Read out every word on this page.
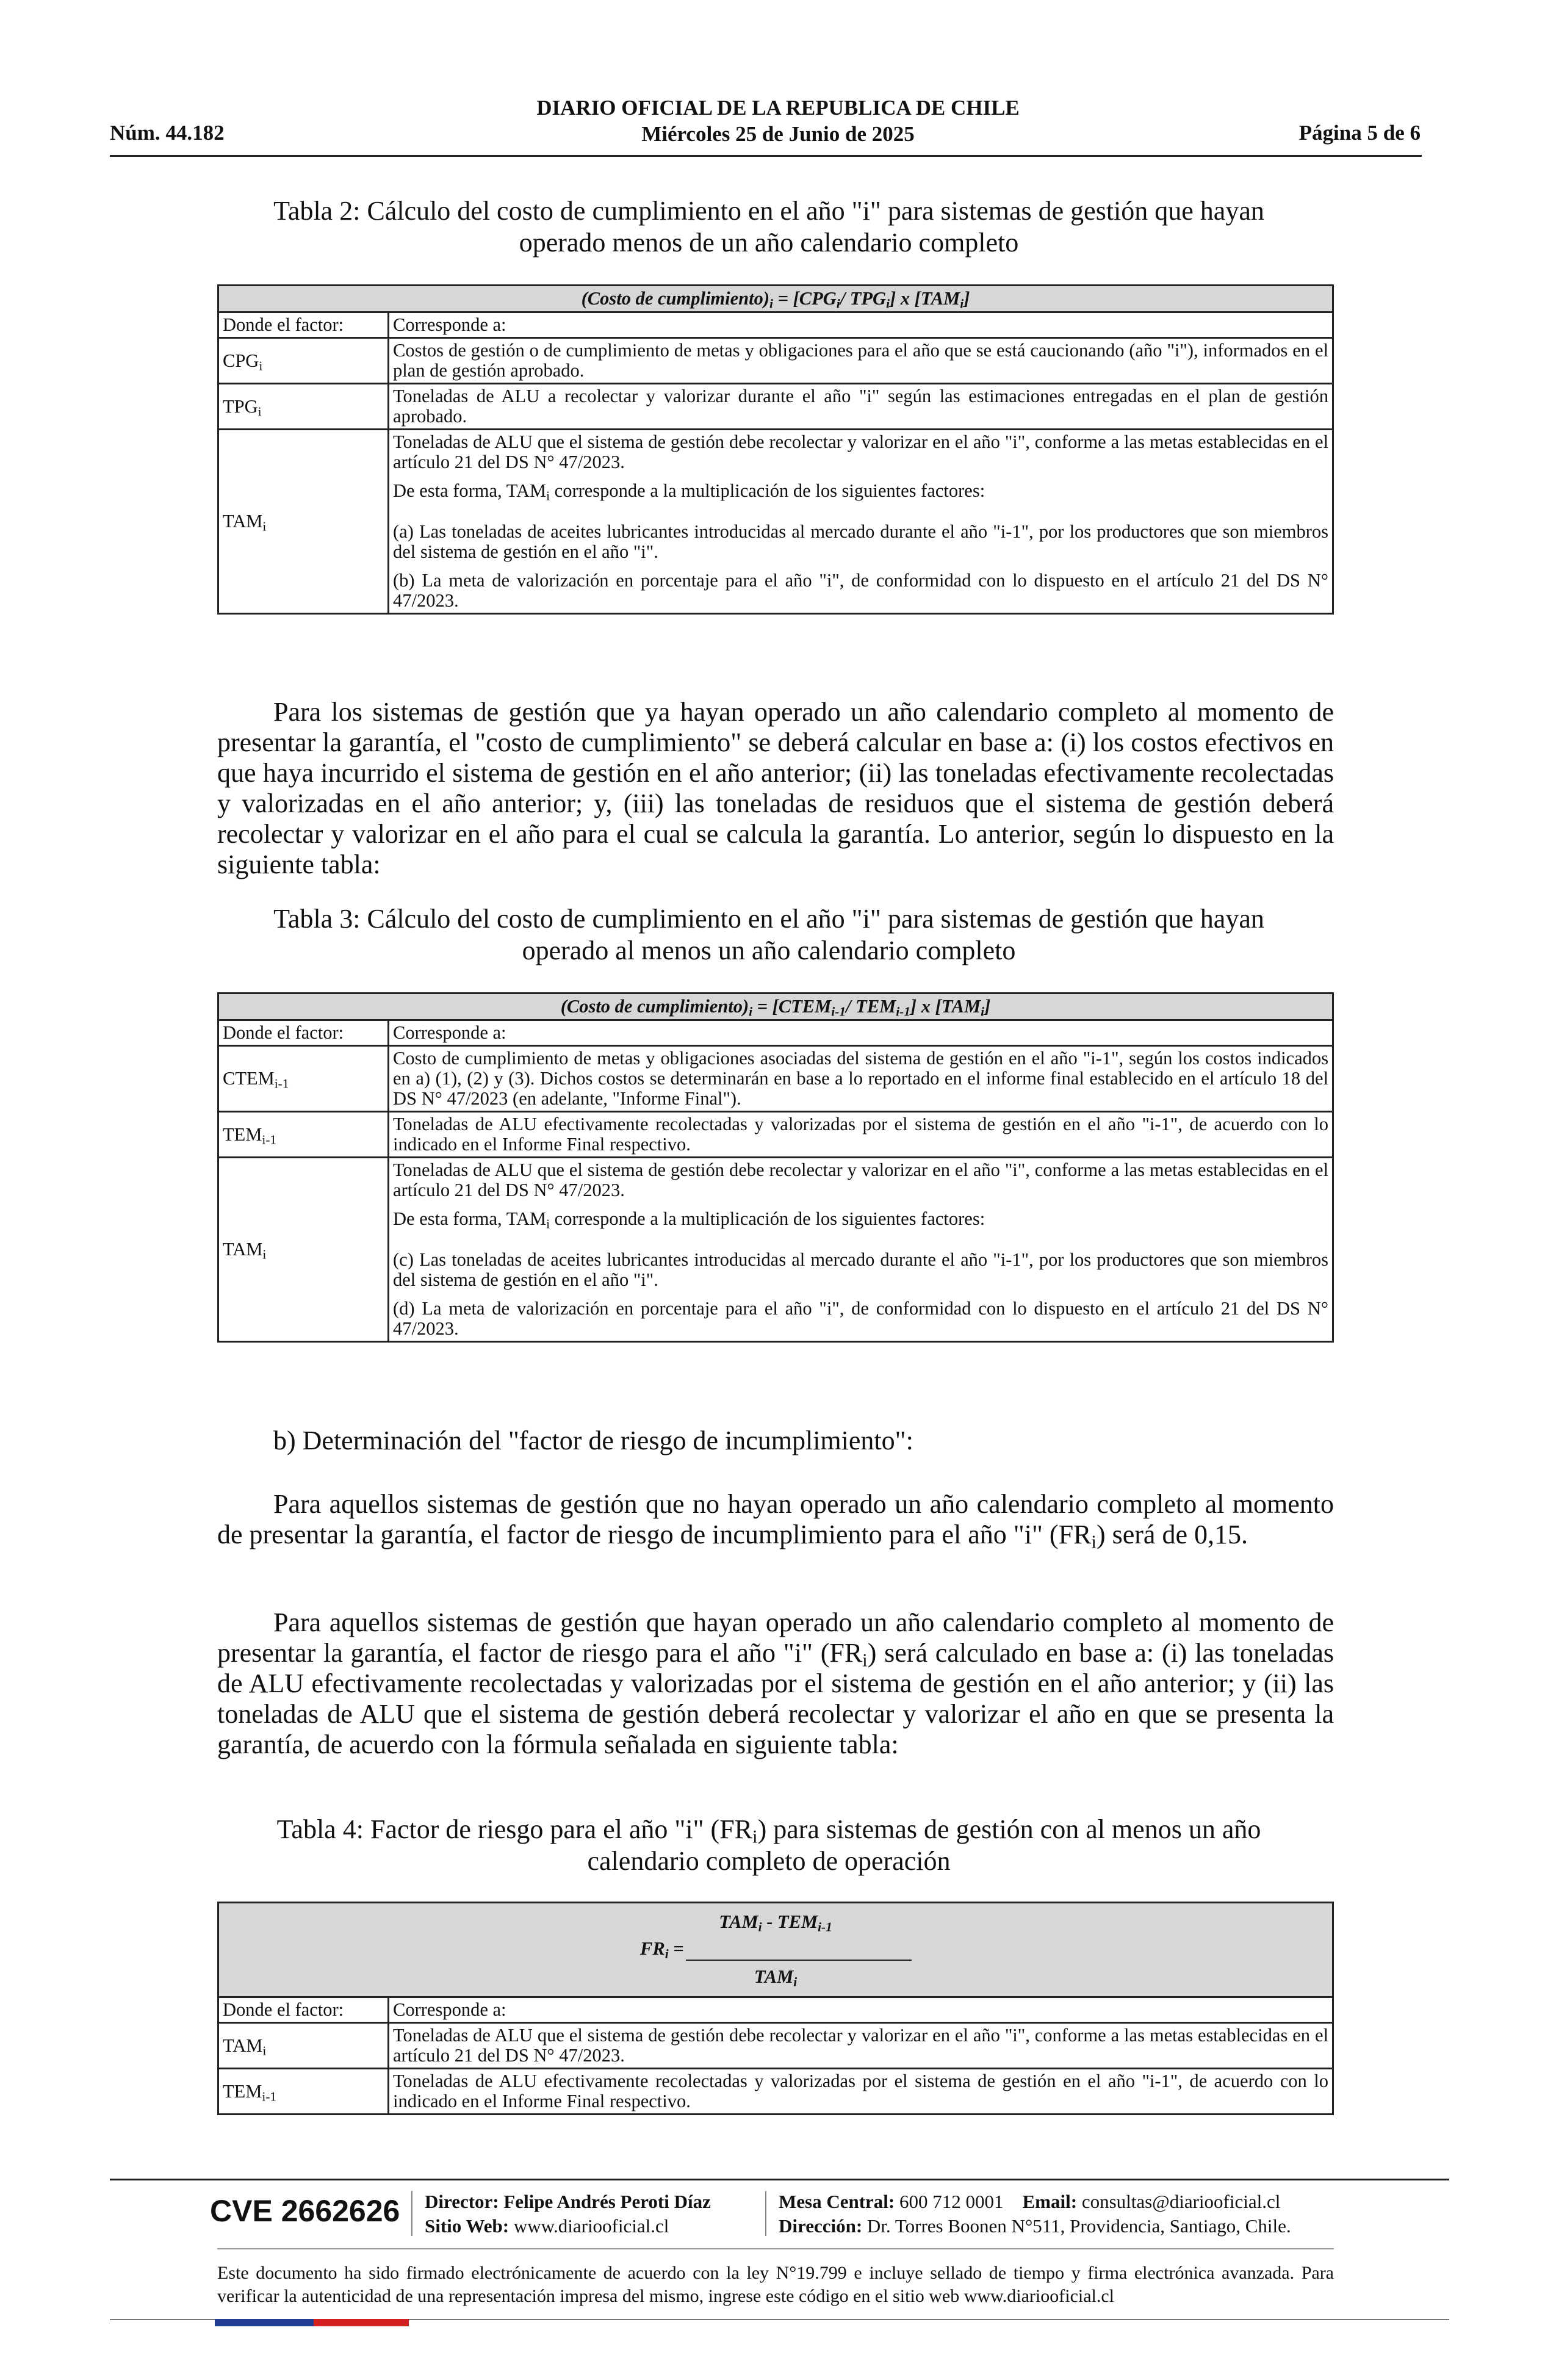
DIARIO OFICIAL DE LA REPUBLICA DE CHILE
Miércoles 25 de Junio de 2025
Núm. 44.182	Página 5 de 6
Tabla 2: Cálculo del costo de cumplimiento en el año "i" para sistemas de gestión que hayan
operado menos de un año calendario completo
(Costo de $cumplimiento)_i = [CPG_i/$ $TPG_i$] x $[TAM_i]$	
Donde el factor:	Corresponde a:
$CPG_i$	Costos de gestión o de cumplimiento de metas y obligaciones para el año que se está caucionando (año "i"), informados en el plan de gestión aprobado.
$TPG_i$	Toneladas de ALU a recolectar y valorizar durante el año "i" según las estimaciones entregadas en el plan de gestión aprobado.
$TAM_i$	Toneladas de ALU que el sistema de gestión debe recolectar y valorizar en el año "i", conforme a las metas establecidas en el artículo 21 del DS N° 47/2023.
De esta forma, $TAM_i$ corresponde a la multiplicación de los siguientes factores:
(a) Las toneladas de aceites lubricantes introducidas al mercado durante el año "i-1", por los productores que son miembros del sistema de gestión en el año "i".
(b) La meta de valorización en porcentaje para el año "i", de conformidad con lo dispuesto en el artículo 21 del DS N° 47/2023.
Para los sistemas de gestión que ya hayan operado un año calendario completo al momento de presentar la garantía, el "costo de cumplimiento" se deberá calcular en base a: (i) los costos efectivos en que haya incurrido el sistema de gestión en el año anterior; (ii) las toneladas efectivamente recolectadas y valorizadas en el año anterior; y, (iii) las toneladas de residuos que el sistema de gestión deberá recolectar y valorizar en el año para el cual se calcula la garantía. Lo anterior, según lo dispuesto en la siguiente tabla:
Tabla 3: Cálculo del costo de cumplimiento en el año "i" para sistemas de gestión que hayan
operado al menos un año calendario completo
(Costo de $cumplimiento)_i$ = [$CTEM_{i-1}/$ $TEM_{i-1}$] x $[TAM_i]$	
Donde el factor:	Corresponde a:
$CTEM_{i-1}$	Costo de cumplimiento de metas y obligaciones asociadas del sistema de gestión en el año "i-1", según los costos indicados en a) (1), (2) y (3). Dichos costos se determinarán en base a lo reportado en el informe final establecido en el artículo 18 del DS N° 47/2023 (en adelante, "Informe Final").
$TEM_{i-1}$	Toneladas de ALU efectivamente recolectadas y valorizadas por el sistema de gestión en el año "i-1", de acuerdo con lo indicado en el Informe Final respectivo.
$TAM_i$	Toneladas de ALU que el sistema de gestión debe recolectar y valorizar en el año "i", conforme a las metas establecidas en el artículo 21 del DS N° 47/2023.
De esta forma, $TAM_i$ corresponde a la multiplicación de los siguientes factores:
(c) Las toneladas de aceites lubricantes introducidas al mercado durante el año "i-1", por los productores que son miembros del sistema de gestión en el año "i".
(d) La meta de valorización en porcentaje para el año "i", de conformidad con lo dispuesto en el artículo 21 del DS N° 47/2023.
b) Determinación del "factor de riesgo de incumplimiento":
Para aquellos sistemas de gestión que no hayan operado un año calendario completo al momento de presentar la garantía, el factor de riesgo de incumplimiento para el año "i" $(FR_i)$ será de 0,15.
Para aquellos sistemas de gestión que hayan operado un año calendario completo al momento de presentar la garantía, el factor de riesgo para el año "i" $(FR_i)$ será calculado en base a: (i) las toneladas de ALU efectivamente recolectadas y valorizadas por el sistema de gestión en el año anterior; y (ii) las toneladas de ALU que el sistema de gestión deberá recolectar y valorizar el año en que se presenta la garantía, de acuerdo con la fórmula señalada en siguiente tabla:
Tabla 4: Factor de riesgo para el año "i" $(FR_i)$ para sistemas de gestión con al menos un año
calendario completo de operación
$TAM_i - TEM_{i-1}$
$FR_i$ =
$TAM_i$

Donde el factor:	Corresponde a:
$TAM_i$	Toneladas de ALU que el sistema de gestión debe recolectar y valorizar en el año "i", conforme a las metas establecidas en el artículo 21 del DS N° 47/2023.
$TEM_{i-1}$	Toneladas de ALU efectivamente recolectadas y valorizadas por el sistema de gestión en el año "i-1", de acuerdo con lo indicado en el Informe Final respectivo.
CVE 2662626 Director: Felipe Andrés Peroti Díaz
Sitio Web: www.diariooficial.cl
Mesa Central: 600 712 0001 Email: consultas@diariooficial.cl
Dirección: Dr. Torres Boonen N°511, Providencia, Santiago, Chile.
Este documento ha sido firmado electrónicamente de acuerdo con la ley N°19.799 e incluye sellado de tiempo y firma electrónica avanzada. Para verificar la autenticidad de una representación impresa del mismo, ingrese este código en el sitio web www.diariooficial.cl
